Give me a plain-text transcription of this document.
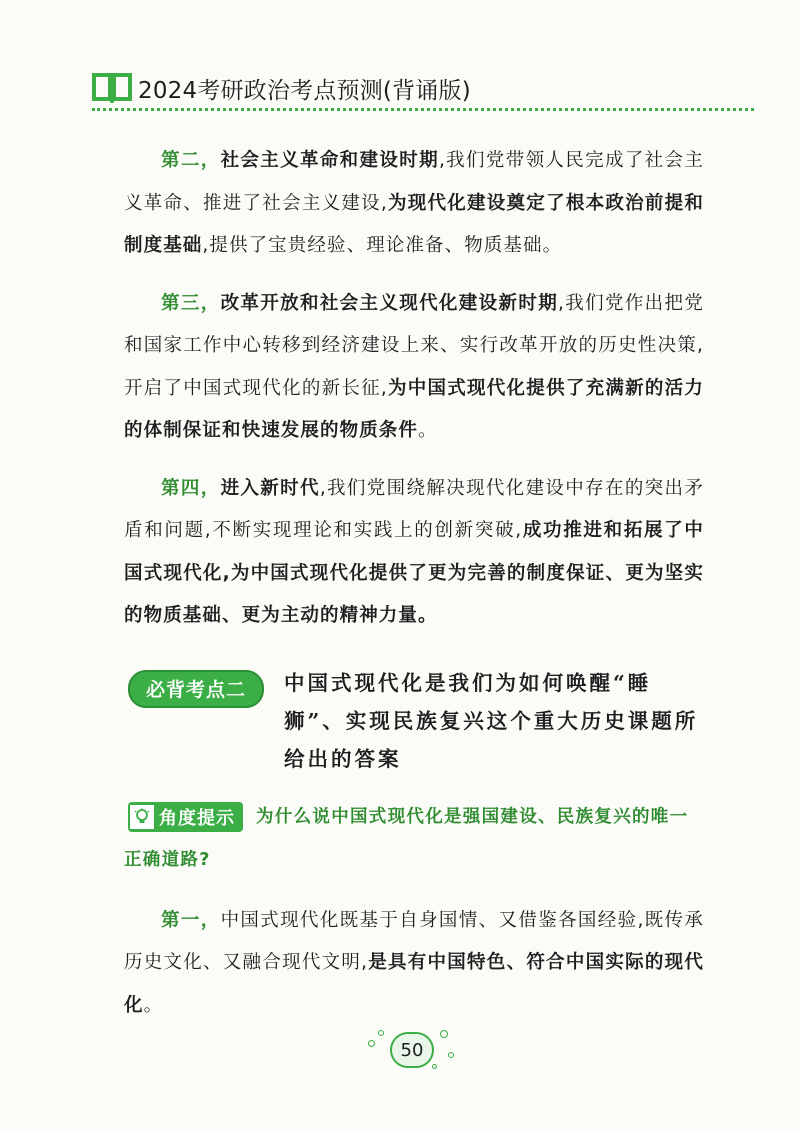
2024考研政治考点预测(背诵版)

第二，社会主义革命和建设时期,我们党带领人民完成了社会主义革命、推进了社会主义建设,为现代化建设奠定了根本政治前提和制度基础,提供了宝贵经验、理论准备、物质基础。

第三，改革开放和社会主义现代化建设新时期,我们党作出把党和国家工作中心转移到经济建设上来、实行改革开放的历史性决策,开启了中国式现代化的新长征,为中国式现代化提供了充满新的活力的体制保证和快速发展的物质条件。

第四，进入新时代,我们党围绕解决现代化建设中存在的突出矛盾和问题,不断实现理论和实践上的创新突破,成功推进和拓展了中国式现代化,为中国式现代化提供了更为完善的制度保证、更为坚实的物质基础、更为主动的精神力量。

必背考点二	中国式现代化是我们为如何唤醒“睡狮”、实现民族复兴这个重大历史课题所给出的答案
为什么说中国式现代化是强国建设、民族复兴的唯一正确道路?
角度提示

第一，中国式现代化既基于自身国情、又借鉴各国经验,既传承历史文化、又融合现代文明,是具有中国特色、符合中国实际的现代化。

50
